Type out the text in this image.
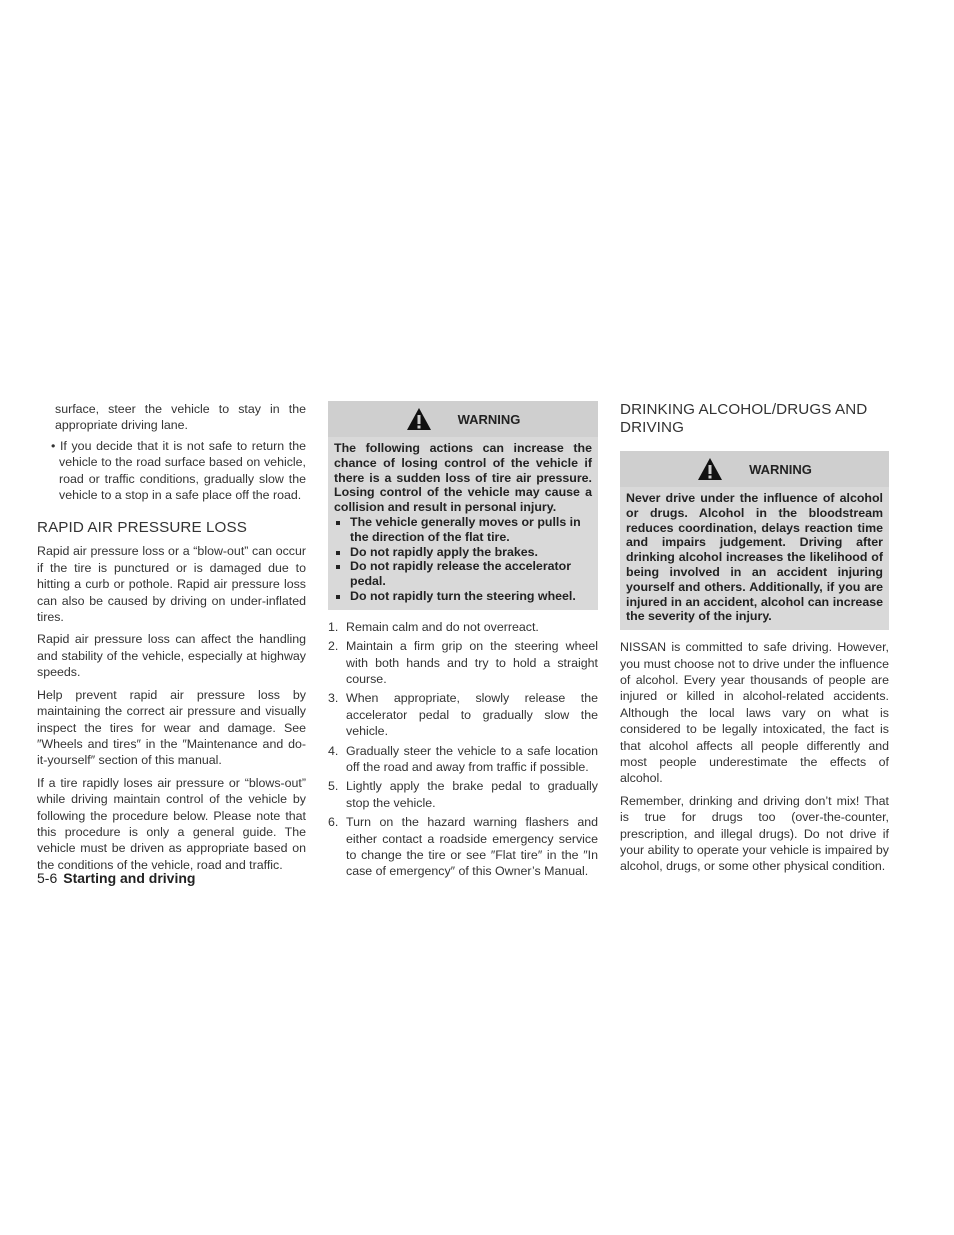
surface, steer the vehicle to stay in the appropriate driving lane.

• If you decide that it is not safe to return the vehicle to the road surface based on vehicle, road or traffic conditions, gradually slow the vehicle to a stop in a safe place off the road.

RAPID AIR PRESSURE LOSS

Rapid air pressure loss or a “blow-out” can occur if the tire is punctured or is damaged due to hitting a curb or pothole. Rapid air pressure loss can also be caused by driving on under-inflated tires.

Rapid air pressure loss can affect the handling and stability of the vehicle, especially at highway speeds.

Help prevent rapid air pressure loss by maintaining the correct air pressure and visually inspect the tires for wear and damage. See ″Wheels and tires″ in the ″Maintenance and do-it-yourself″ section of this manual.

If a tire rapidly loses air pressure or “blows-out” while driving maintain control of the vehicle by following the procedure below. Please note that this procedure is only a general guide. The vehicle must be driven as appropriate based on the conditions of the vehicle, road and traffic.

WARNING

The following actions can increase the chance of losing control of the vehicle if there is a sudden loss of tire air pressure. Losing control of the vehicle may cause a collision and result in personal injury.

The vehicle generally moves or pulls in the direction of the flat tire.
Do not rapidly apply the brakes.
Do not rapidly release the accelerator pedal.
Do not rapidly turn the steering wheel.
1. Remain calm and do not overreact.
2. Maintain a firm grip on the steering wheel with both hands and try to hold a straight course.
3. When appropriate, slowly release the accelerator pedal to gradually slow the vehicle.
4. Gradually steer the vehicle to a safe location off the road and away from traffic if possible.
5. Lightly apply the brake pedal to gradually stop the vehicle.
6. Turn on the hazard warning flashers and either contact a roadside emergency service to change the tire or see ″Flat tire″ in the ″In case of emergency″ of this Owner’s Manual.
DRINKING ALCOHOL/DRUGS AND DRIVING
WARNING

Never drive under the influence of alcohol or drugs. Alcohol in the bloodstream reduces coordination, delays reaction time and impairs judgement. Driving after drinking alcohol increases the likelihood of being involved in an accident injuring yourself and others. Additionally, if you are injured in an accident, alcohol can increase the severity of the injury.

NISSAN is committed to safe driving. However, you must choose not to drive under the influence of alcohol. Every year thousands of people are injured or killed in alcohol-related accidents. Although the local laws vary on what is considered to be legally intoxicated, the fact is that alcohol affects all people differently and most people underestimate the effects of alcohol.

Remember, drinking and driving don’t mix! That is true for drugs too (over-the-counter, prescription, and illegal drugs). Do not drive if your ability to operate your vehicle is impaired by alcohol, drugs, or some other physical condition.

5-6 Starting and driving
